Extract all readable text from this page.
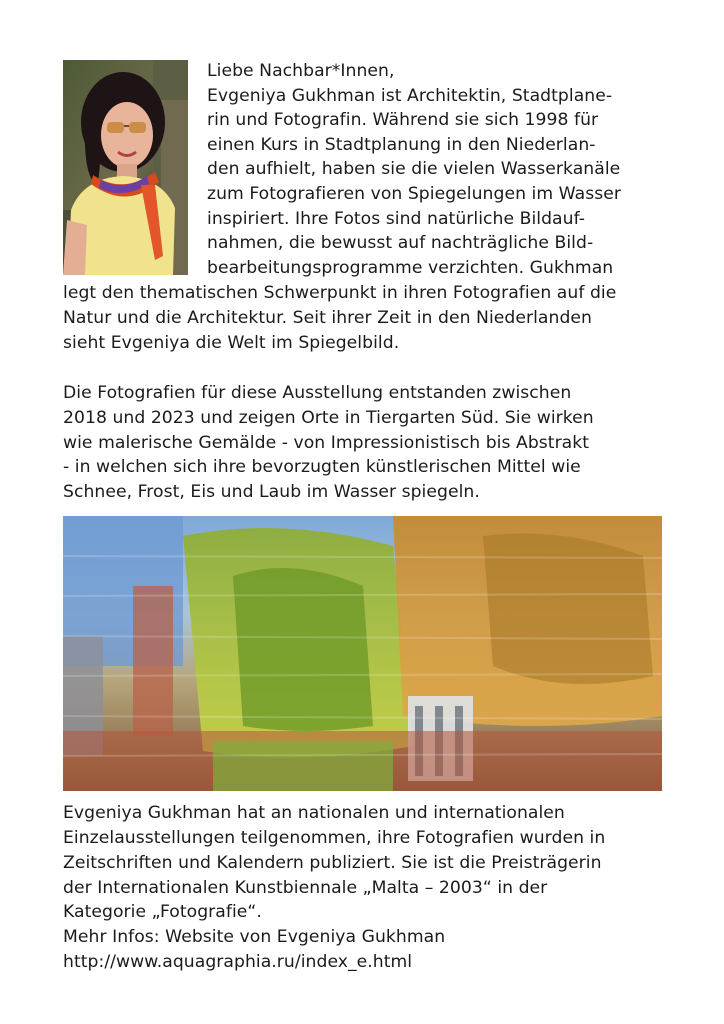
Liebe Nachbar*Innen,
Evgeniya Gukhman ist Architektin, Stadtplane-
rin und Fotografin. Während sie sich 1998 für
einen Kurs in Stadtplanung in den Niederlan-
den aufhielt, haben sie die vielen Wasserkanäle
zum Fotografieren von Spiegelungen im Wasser
inspiriert. Ihre Fotos sind natürliche Bildauf-
nahmen, die bewusst auf nachträgliche Bild-
bearbeitungsprogramme verzichten. Gukhman
legt den thematischen Schwerpunkt in ihren Fotografien auf die
Natur und die Architektur. Seit ihrer Zeit in den Niederlanden
sieht Evgeniya die Welt im Spiegelbild.
Die Fotografien für diese Ausstellung entstanden zwischen
2018 und 2023 und zeigen Orte in Tiergarten Süd. Sie wirken
wie malerische Gemälde - von Impressionistisch bis Abstrakt
- in welchen sich ihre bevorzugten künstlerischen Mittel wie
Schnee, Frost, Eis und Laub im Wasser spiegeln.
Evgeniya Gukhman hat an nationalen und internationalen
Einzelausstellungen teilgenommen, ihre Fotografien wurden in
Zeitschriften und Kalendern publiziert. Sie ist die Preisträgerin
der Internationalen Kunstbiennale „Malta – 2003“ in der
Kategorie „Fotografie“.
Mehr Infos: Website von Evgeniya Gukhman
http://www.aquagraphia.ru/index_e.html
